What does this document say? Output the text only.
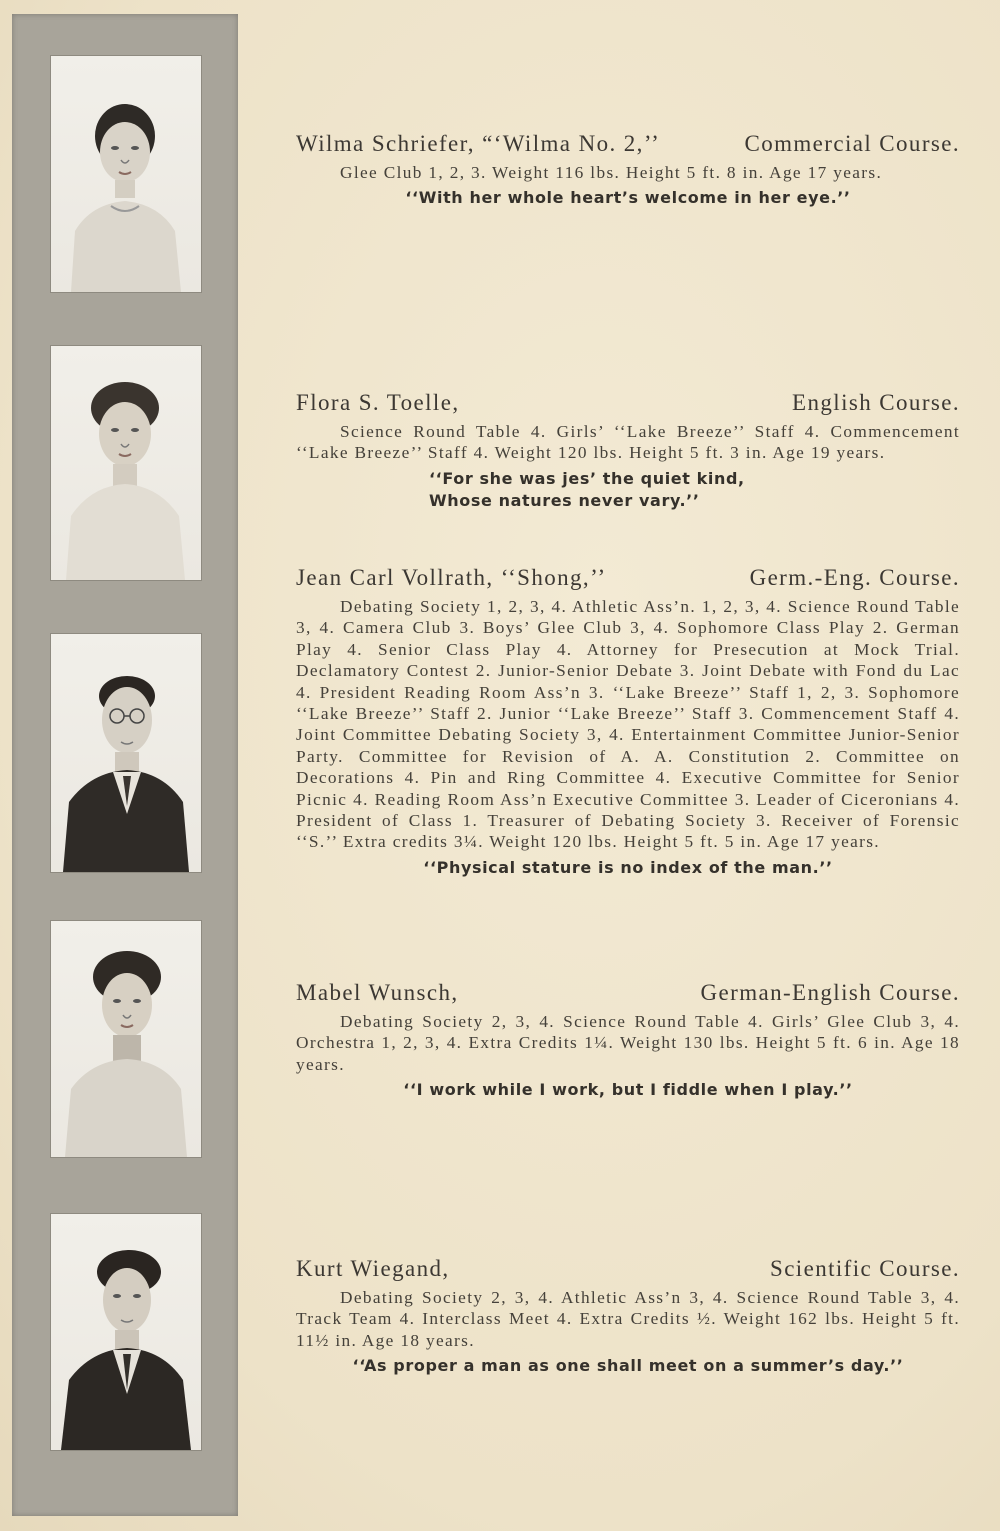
Wilma Schriefer, “‘Wilma No. 2,’’	Commercial Course.
Glee Club 1, 2, 3. Weight 116 lbs. Height 5 ft. 8 in. Age 17 years.
‘‘With her whole heart’s welcome in her eye.’’
Flora S. Toelle,	English Course.
Science Round Table 4. Girls’ ‘‘Lake Breeze’’ Staff 4. Commencement ‘‘Lake Breeze’’ Staff 4. Weight 120 lbs. Height 5 ft. 3 in. Age 19 years.
‘‘For she was jes’ the quiet kind,
Whose natures never vary.’’
Jean Carl Vollrath, ‘‘Shong,’’	Germ.-Eng. Course.
Debating Society 1, 2, 3, 4. Athletic Ass’n. 1, 2, 3, 4. Science Round Table 3, 4. Camera Club 3. Boys’ Glee Club 3, 4. Sophomore Class Play 2. German Play 4. Senior Class Play 4. Attorney for Presecution at Mock Trial. Declamatory Contest 2. Junior-Senior Debate 3. Joint Debate with Fond du Lac 4. President Reading Room Ass’n 3. ‘‘Lake Breeze’’ Staff 1, 2, 3. Sophomore ‘‘Lake Breeze’’ Staff 2. Junior ‘‘Lake Breeze’’ Staff 3. Commencement Staff 4. Joint Committee Debating Society 3, 4. Entertainment Committee Junior-Senior Party. Committee for Revision of A. A. Constitution 2. Committee on Decorations 4. Pin and Ring Committee 4. Executive Committee for Senior Picnic 4. Reading Room Ass’n Executive Committee 3. Leader of Ciceronians 4. President of Class 1. Treasurer of Debating Society 3. Receiver of Forensic ‘‘S.’’ Extra credits 3¼. Weight 120 lbs. Height 5 ft. 5 in. Age 17 years.
‘‘Physical stature is no index of the man.’’
Mabel Wunsch,	German-English Course.
Debating Society 2, 3, 4. Science Round Table 4. Girls’ Glee Club 3, 4. Orchestra 1, 2, 3, 4. Extra Credits 1¼. Weight 130 lbs. Height 5 ft. 6 in. Age 18 years.
‘‘I work while I work, but I fiddle when I play.’’
Kurt Wiegand,	Scientific Course.
Debating Society 2, 3, 4. Athletic Ass’n 3, 4. Science Round Table 3, 4. Track Team 4. Interclass Meet 4. Extra Credits ½. Weight 162 lbs. Height 5 ft. 11½ in. Age 18 years.
‘‘As proper a man as one shall meet on a summer’s day.’’
